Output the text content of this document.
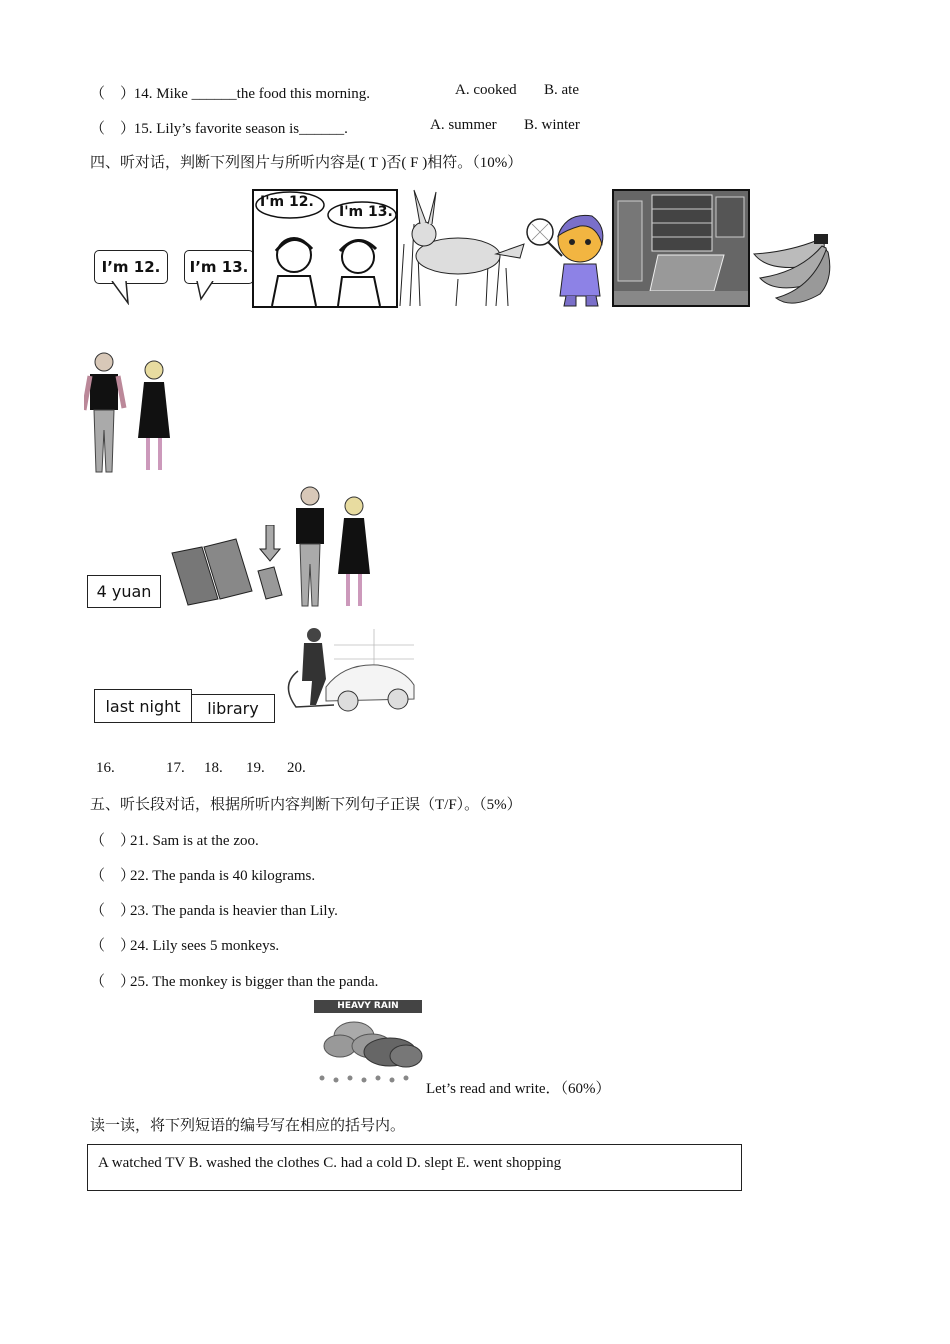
（　） 14. Mike ______the food this morning.	A. cooked B. ate
（　） 15. Lily’s favorite season is______.	A. summer B. winter
四、听对话，判断下列图片与所听内容是( T )否( F )相符。（10%）
I’m 12.	I’m 13.
I'm 12.
I'm 13.
4 yuan
last night	library
16.	17. 18. 19. 20.
五、听长段对话，根据所听内容判断下列句子正误（T/F）。（5%）
（　）21. Sam is at the zoo.
（　）22. The panda is 40 kilograms.
（　）23. The panda is heavier than Lily.
（　）24. Lily sees 5 monkeys.
（　）25. The monkey is bigger than the panda.
HEAVY RAIN
Let’s read and write．（60%）
读一读，将下列短语的编号写在相应的括号内。
A watched TV B. washed the clothes C. had a cold D. slept E. went shopping
